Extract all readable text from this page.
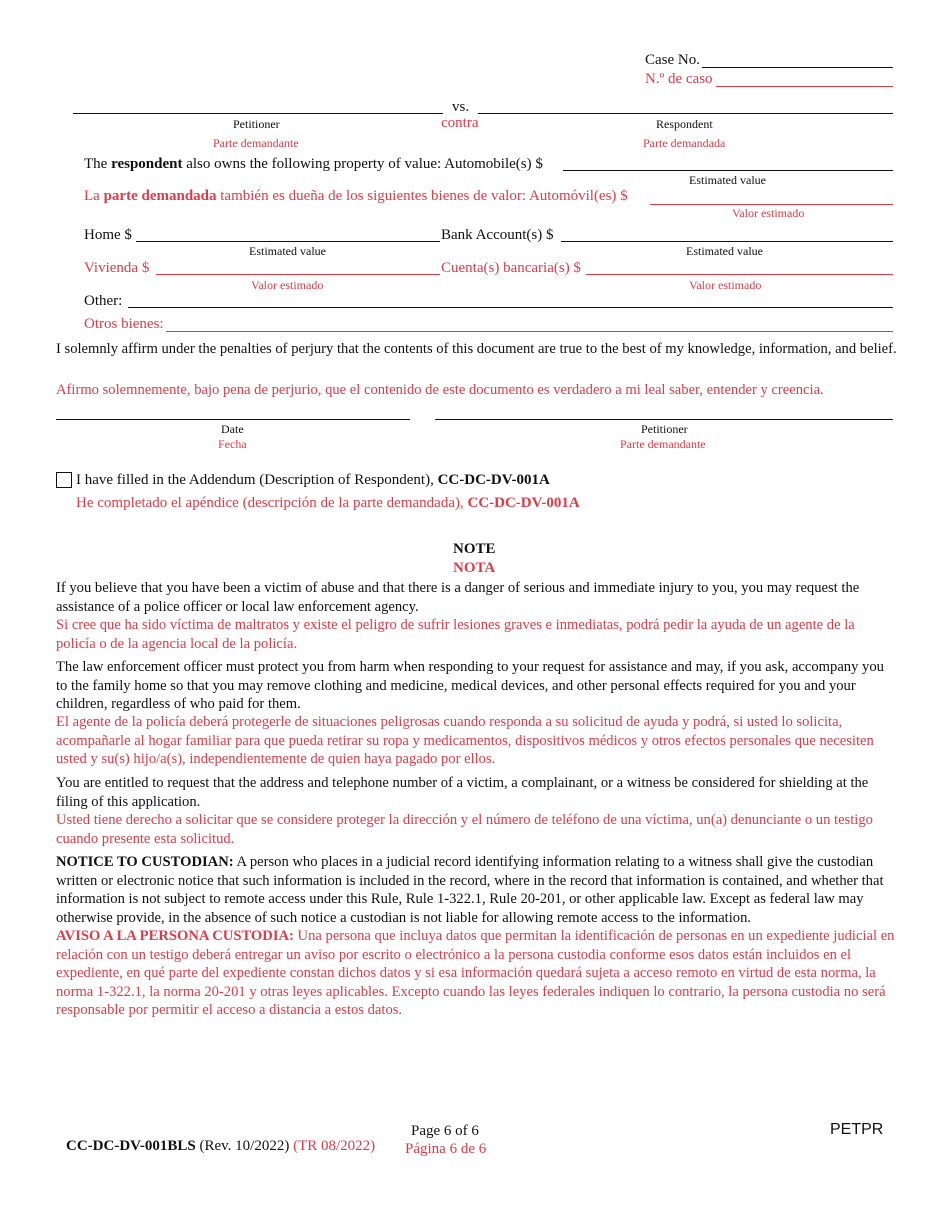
Case No.
N.º de caso
vs.
Petitioner	contra	Respondent
Parte demandante	Parte demandada
The respondent also owns the following property of value: Automobile(s) $
Estimated value
La parte demandada también es dueña de los siguientes bienes de valor: Automóvil(es) $
Valor estimado
Home $	Bank Account(s) $
Estimated value	Estimated value
Vivienda $	Cuenta(s) bancaria(s) $
Valor estimado	Valor estimado
Other:
Otros bienes:
I solemnly affirm under the penalties of perjury that the contents of this document are true to the best of my knowledge, information, and belief.
Afirmo solemnemente, bajo pena de perjurio, que el contenido de este documento es verdadero a mi leal saber, entender y creencia.
Date
Fecha
Petitioner
Parte demandante
I have filled in the Addendum (Description of Respondent), CC-DC-DV-001A
He completado el apéndice (descripción de la parte demandada), CC-DC-DV-001A
NOTE
NOTA
If you believe that you have been a victim of abuse and that there is a danger of serious and immediate injury to you, you may request the assistance of a police officer or local law enforcement agency.
Si cree que ha sido víctima de maltratos y existe el peligro de sufrir lesiones graves e inmediatas, podrá pedir la ayuda de un agente de la policía o de la agencia local de la policía.
The law enforcement officer must protect you from harm when responding to your request for assistance and may, if you ask, accompany you to the family home so that you may remove clothing and medicine, medical devices, and other personal effects required for you and your children, regardless of who paid for them.
El agente de la policía deberá protegerle de situaciones peligrosas cuando responda a su solicitud de ayuda y podrá, si usted lo solicita, acompañarle al hogar familiar para que pueda retirar su ropa y medicamentos, dispositivos médicos y otros efectos personales que necesiten usted y su(s) hijo/a(s), independientemente de quien haya pagado por ellos.
You are entitled to request that the address and telephone number of a victim, a complainant, or a witness be considered for shielding at the filing of this application.
Usted tiene derecho a solicitar que se considere proteger la dirección y el número de teléfono de una víctima, un(a) denunciante o un testigo cuando presente esta solicitud.
NOTICE TO CUSTODIAN: A person who places in a judicial record identifying information relating to a witness shall give the custodian written or electronic notice that such information is included in the record, where in the record that information is contained, and whether that information is not subject to remote access under this Rule, Rule 1-322.1, Rule 20-201, or other applicable law. Except as federal law may otherwise provide, in the absence of such notice a custodian is not liable for allowing remote access to the information.
AVISO A LA PERSONA CUSTODIA: Una persona que incluya datos que permitan la identificación de personas en un expediente judicial en relación con un testigo deberá entregar un aviso por escrito o electrónico a la persona custodia conforme esos datos están incluidos en el expediente, en qué parte del expediente constan dichos datos y si esa información quedará sujeta a acceso remoto en virtud de esta norma, la norma 1-322.1, la norma 20-201 y otras leyes aplicables. Excepto cuando las leyes federales indiquen lo contrario, la persona custodia no será responsable por permitir el acceso a distancia a estos datos.
CC-DC-DV-001BLS (Rev. 10/2022) (TR 08/2022)
Page 6 of 6
Página 6 de 6
PETPR
